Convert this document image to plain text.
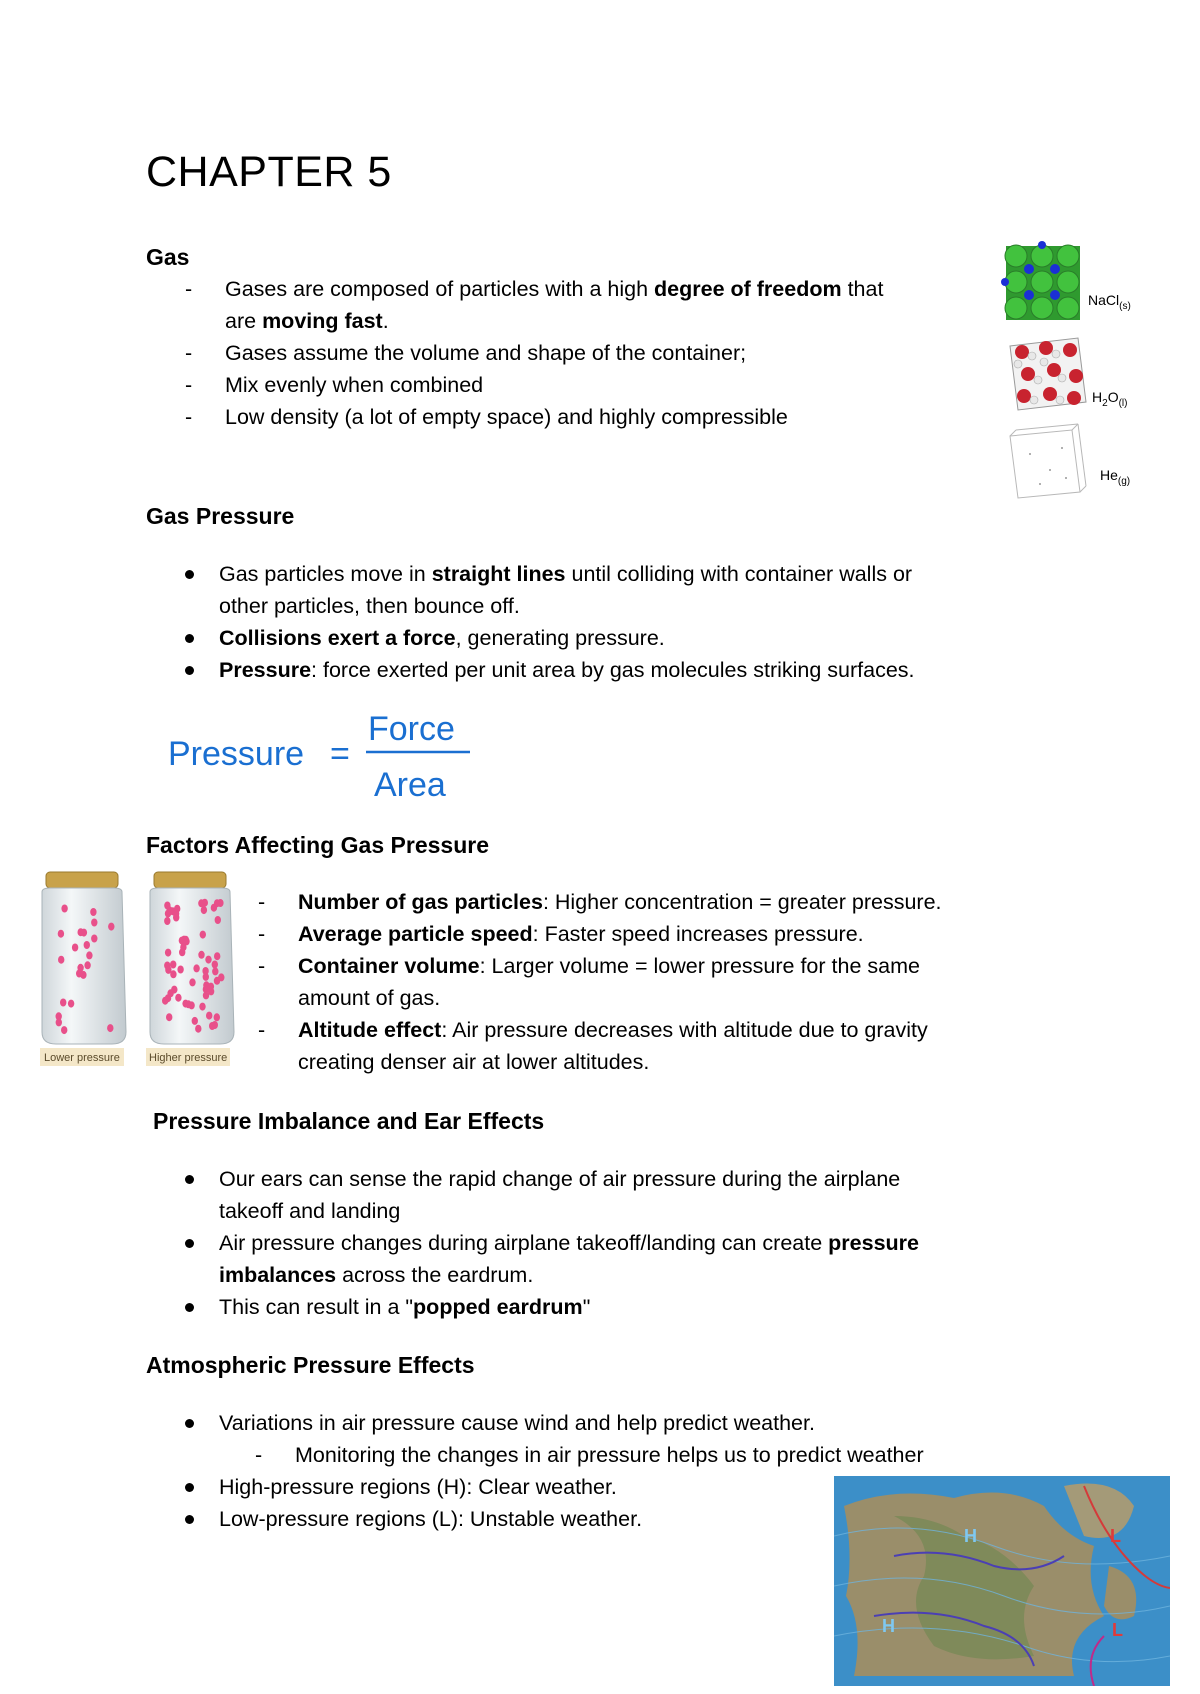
CHAPTER 5
Gas
- Gases are composed of particles with a high degree of freedom that
are moving fast.
- Gases assume the volume and shape of the container;
- Mix evenly when combined
- Low density (a lot of empty space) and highly compressible
NaCl$_{(s)}$
$H_2O_{(l)}$
$He_{(g)}$
Gas Pressure
Gas particles move in straight lines until colliding with container walls or
other particles, then bounce off.
Collisions exert a force, generating pressure.
Pressure: force exerted per unit area by gas molecules striking surfaces.
Pressure =
Force
Area
Factors Affecting Gas Pressure
Lower pressure	Higher pressure
- Number of gas particles: Higher concentration = greater pressure.
- Average particle speed: Faster speed increases pressure.
- Container volume: Larger volume = lower pressure for the same
amount of gas.
- Altitude effect: Air pressure decreases with altitude due to gravity
creating denser air at lower altitudes.
Pressure Imbalance and Ear Effects
Our ears can sense the rapid change of air pressure during the airplane
takeoff and landing
Air pressure changes during airplane takeoff/landing can create pressure
imbalances across the eardrum.
This can result in a "popped eardrum"
Atmospheric Pressure Effects
Variations in air pressure cause wind and help predict weather.
- Monitoring the changes in air pressure helps us to predict weather
High-pressure regions (H): Clear weather.
Low-pressure regions (L): Unstable weather.
H
H
L
L
